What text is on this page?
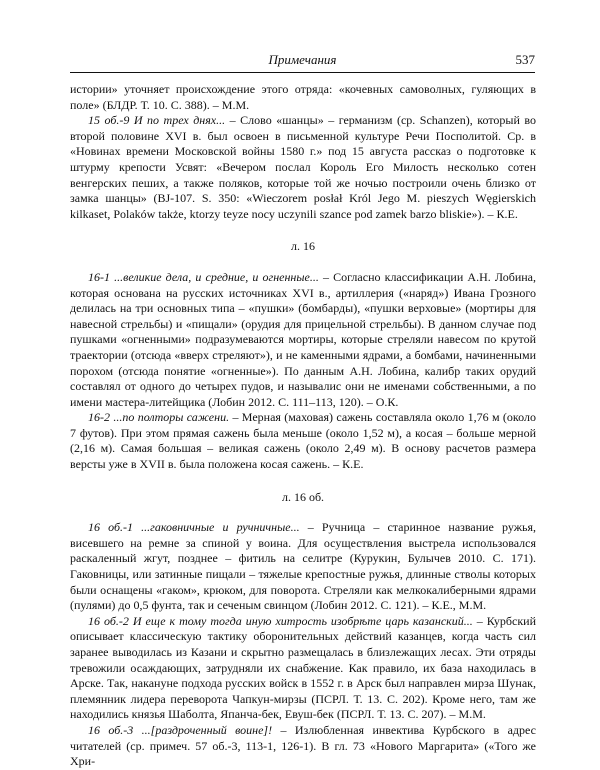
Примечания	537

истории» уточняет происхождение этого отряда: «кочевных самоволных, гуляющих в поле» (БЛДР. Т. 10. С. 388). – М.М.

15 об.-9 И по трех днях... – Слово «шанцы» – германизм (ср. Schanzen), который во второй половине XVI в. был освоен в письменной культуре Речи Посполитой. Ср. в «Новинах времени Московской войны 1580 г.» под 15 августа рассказ о подготовке к штурму крепости Усвят: «Вечером послал Король Его Милость несколько сотен венгерских пеших, а также поляков, которые той же ночью построили очень близко от замка шанцы» (BJ-107. S. 350: «Wieczorem posłał Król Jego M. pieszych Węgierskich kilkaset, Polaków także, ktorzy teyze nocy uczynili szance pod zamek barzo bliskie»). – К.Е.

л. 16

16-1 ...великие дела, и средние, и огненные... – Согласно классификации А.Н. Лобина, которая основана на русских источниках XVI в., артиллерия («наряд») Ивана Грозного делилась на три основных типа – «пушки» (бомбарды), «пушки верховые» (мортиры для навесной стрельбы) и «пищали» (орудия для прицельной стрельбы). В данном случае под пушками «огненными» подразумеваются мортиры, которые стреляли навесом по крутой траектории (отсюда «вверх стреляют»), и не каменными ядрами, а бомбами, начиненными порохом (отсюда понятие «огненные»). По данным А.Н. Лобина, калибр таких орудий составлял от одного до четырех пудов, и называлис они не именами собственными, а по имени мастера-литейщика (Лобин 2012. С. 111–113, 120). – О.К.

16-2 ...по полторы сажени. – Мерная (маховая) сажень составляла около 1,76 м (около 7 футов). При этом прямая сажень была меньше (около 1,52 м), а косая – больше мерной (2,16 м). Самая большая – великая сажень (около 2,49 м). В основу расчетов размера версты уже в XVII в. была положена косая сажень. – К.Е.

л. 16 об.

16 об.-1 ...гаковничные и ручничные... – Ручница – старинное название ружья, висевшего на ремне за спиной у воина. Для осуществления выстрела использовался раскаленный жгут, позднее – фитиль на селитре (Курукин, Булычев 2010. С. 171). Гаковницы, или затинные пищали – тяжелые крепостные ружья, длинные стволы которых были оснащены «гаком», крюком, для поворота. Стреляли как мелкокалиберными ядрами (пулями) до 0,5 фунта, так и сеченым свинцом (Лобин 2012. С. 121). – К.Е., М.М.

16 об.-2 И еще к тому тогда иную хитрость изобрѣте царь казанский... – Курбский описывает классическую тактику оборонительных действий казанцев, когда часть сил заранее выводилась из Казани и скрытно размещалась в близлежащих лесах. Эти отряды тревожили осаждающих, затрудняли их снабжение. Как правило, их база находилась в Арске. Так, накануне подхода русских войск в 1552 г. в Арск был направлен мирза Шунак, племянник лидера переворота Чапкун-мирзы (ПСРЛ. Т. 13. С. 202). Кроме него, там же находились князья Шаболта, Япанча-бек, Евуш-бек (ПСРЛ. Т. 13. С. 207). – М.М.

16 об.-3 ...[раздроченный воине]! – Излюбленная инвектива Курбского в адрес читателей (ср. примеч. 57 об.-3, 113-1, 126-1). В гл. 73 «Нового Маргарита» («Того же Хри-
